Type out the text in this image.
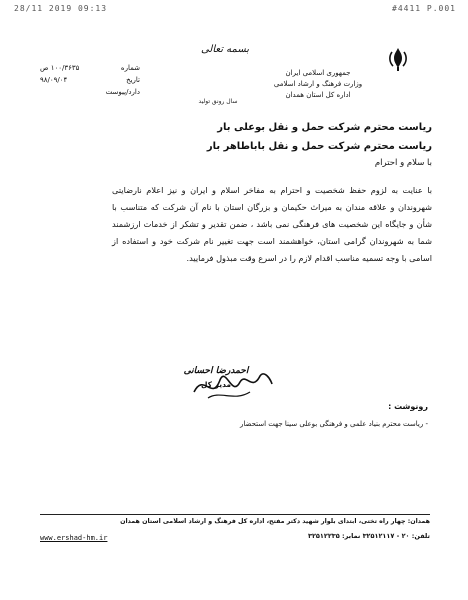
28/11 2019 09:13	#4411 P.001
بسمه تعالی
جمهوری اسلامی ایران
وزارت فرهنگ و ارشاد اسلامی
اداره کل استان همدان
شماره
۱۰۰/۳۶۳۵ ص
تاریخ
۹۸/۰۹/۰۴
دارد/پیوست
سال رونق تولید
ریاست محترم شرکت حمل و نقل بوعلی بار
ریاست محترم شرکت حمل و نقل باباطاهر بار
با سلام و احترام
با عنایت به لزوم حفظ شخصیت و احترام به مفاخر اسلام و ایران و نیز اعلام نارضایتی شهروندان و علاقه مندان به میراث حکیمان و بزرگان استان با نام آن شرکت که متناسب با شأن و جایگاه این شخصیت های فرهنگی نمی باشد ، ضمن تقدیر و تشکر از خدمات ارزشمند شما به شهروندان گرامی استان، خواهشمند است جهت تغییر نام شرکت خود و استفاده از اسامی با وجه تسمیه مناسب اقدام لازم را در اسرع وقت مبذول فرمایید.
احمدرضا احسانی
مدیر کل
رونوشت :
- ریاست محترم بنیاد علمی و فرهنگی بوعلی سینا جهت استحضار
همدان: چهار راه تختی، ابتدای بلوار شهید دکتر مفتح، اداره کل فرهنگ و ارشاد اسلامی استان همدان
تلفن: ۲۰ - ۳۲۵۱۲۱۱۷ نمابر: ۳۲۵۱۲۲۳۵
www.ershad-hm.ir
